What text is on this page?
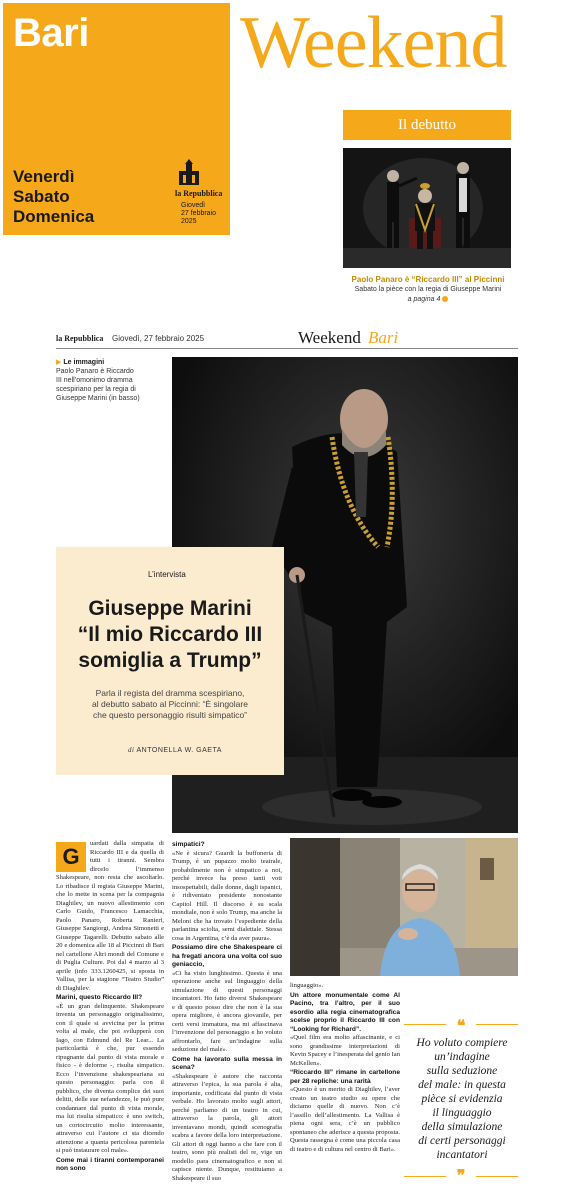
Bari
Venerdì
Sabato
Domenica
la Repubblica
Giovedì
27 febbraio
2025
Weekend
Il debutto
Paolo Panaro è “Riccardo III” al Piccinni
Sabato la pièce con la regia di Giuseppe Marini
a pagina 4
la Repubblica Giovedì, 27 febbraio 2025	Weekend Bari
▶ Le immagini
Paolo Panaro è Riccardo III nell’omonimo dramma scespiriano per la regia di Giuseppe Marini (in basso)
L’intervista
Giuseppe Marini
“Il mio Riccardo III
somiglia a Trump”
Parla il regista del dramma scespiriano,
al debutto sabato al Piccinni: “È singolare
che questo personaggio risulti simpatico”
di ANTONELLA W. GAETA
G

uardati dalla simpatia di Riccardo III e da quella di tutti i tiranni. Sembra dirceIo l’immenso Shakespeare, non resta che ascoltarlo. Lo ribadisce il regista Giuseppe Marini, che lo mette in scena per la compagnia Diaghilev, un nuovo allestimento con Carlo Guido, Francesco Lamacchia, Paolo Panaro, Roberta Ranieri, Giuseppe Sangiorgi, Andrea Simonetti e Giuseppe Tagarelli. Debutto sabato alle 20 e domenica alle 18 al Piccinni di Bari nel cartellone Altri mondi del Comune e di Puglia Culture. Poi dal 4 marzo al 3 aprile (info 333.1260425, si sposta in Vallisa, per la stagione “Teatro Studio” di Diaghilev.

Marini, questo Riccardo III?

«È un gran delinquente. Shakespeare inventa un personaggio originalissimo, con il quale si avvicina per la prima volta al male, che poi svilupperà con Iago, con Edmund del Re Lear... La particolarità è che, pur essendo ripugnante dal punto di vista morale e fisico - è deforme -, risulta simpatico. Ecco l’invenzione shakespeariana su questo personaggio: parla con il pubblico, che diventa complice dei suoi delitti, delle sue nefandezze, le può pure condannare dal punto di vista morale, ma lui risulta simpatico: è uno switch, un cortocircuito molto interessante, attraverso cui l’autore ci sta dicendo attenzione a quanta pericolosa parentela si può instaurare col male».

Come mai i tiranni contemporanei non sono

simpatici?

«Ne è sicura? Guardi la buffoneria di Trump, è un pupazzo molto teatrale, probabilmente non è simpatico a noi, perché invece ha preso tanti voti insospettabili, dalle donne, dagli ispanici, è ridiventato presidente nonostante Capitol Hill. Il discorso è su scala mondiale, non è solo Trump, ma anche la Meloni che ha trovato l’espediente della parlantina sciolta, semi dialettale. Stessa cosa in Argentina, c’è da aver paura».

Possiamo dire che Shakespeare ci ha fregati ancora una volta col suo geniaccio,

«Ci ha visto lunghissimo. Questa è una operazione anche sul linguaggio della simulazione di questi personaggi incantatori. Ho fatto diversi Shakespeare e di questo posso dire che non è la sua opera migliore, è ancora giovanile, per certi versi immatura, ma mi affascinava l’invenzione del personaggio e ho voluto affrontarlo, fare un’indagine sulla seduzione del male».

Come ha lavorato sulla messa in scena?

«Shakespeare è autore che racconta attraverso l’epica, la sua parola è alta, importante, codificata dal punto di vista verbale. Ho lavorato molto sugli attori, perché parliamo di un teatro in cui, attraverso la parola, gli attori inventavano mondi, quindi scenografia scabra a favore della loro interpretazione. Gli attori di oggi hanno a che fare con il teatro, sono più realisti del re, vige un modello para cinematografico e non si capisce niente. Dunque, restituiamo a Shakespeare il suo

linguaggio».

Un attore monumentale come Al Pacino, tra l’altro, per il suo esordio alla regia cinematografica scelse proprio il Riccardo III con “Looking for Richard”.

«Quel film era molto affascinante, e ci sono grandissime interpretazioni di Kevin Spacey e l’inesperata del genio Ian McKellen».

“Riccardo III” rimane in cartellone per 28 repliche: una rarità

«Questo è un merito di Diaghilev, l’aver creato un teatro studio su opere che diciamo quelle di nuovo. Non c’è l’assillo dell’allestimento. La Vallisa è piena ogni sera, c’è un pubblico spontaneo che aderisce a questa proposta. Questa rassegna è come una piccola casa di teatro e di cultura nel centro di Bari».

❝
Ho voluto compiere
un’indagine
sulla seduzione
del male: in questa
pièce si evidenzia
il linguaggio
della simulazione
di certi personaggi
incantatori
❞
